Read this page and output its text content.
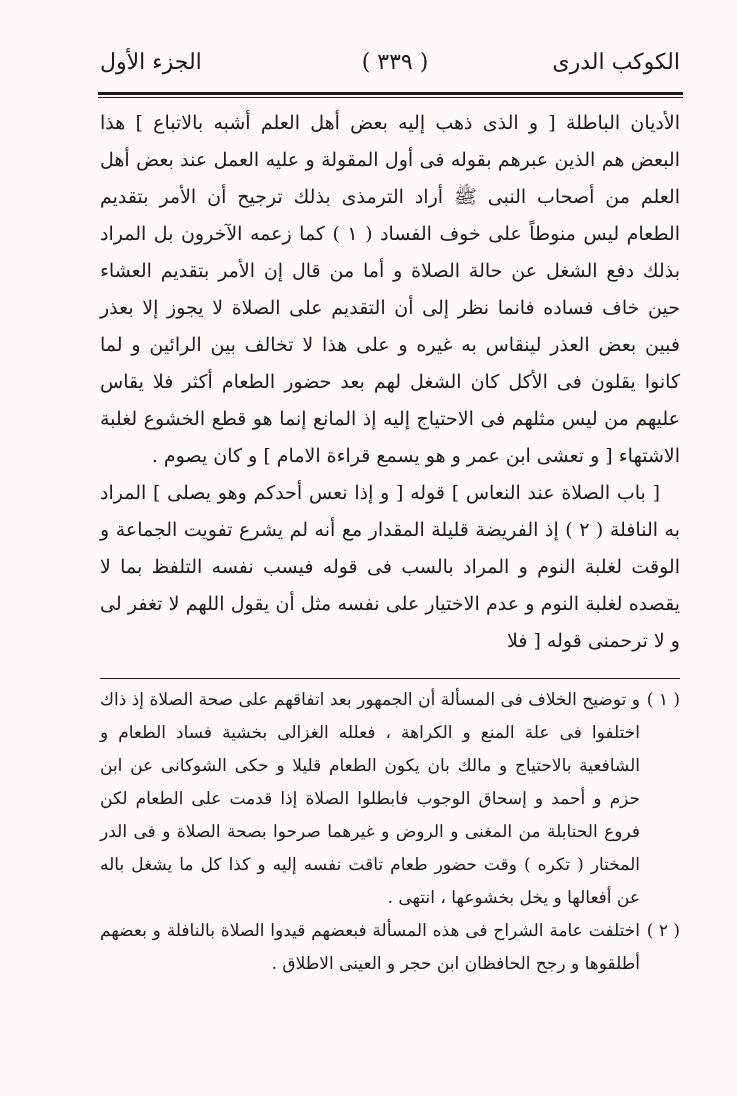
الكوكب الدرى ‍
( ٣٣٩ )
الجزء الأول

الأديان الباطلة [ و الذى ذهب إليه بعض أهل العلم أشبه بالاتباع ] هذا البعض هم الذين عبرهم بقوله فى أول المقولة و عليه العمل عند بعض أهل العلم من أصحاب النبى ﷺ أراد الترمذى بذلك ترجيح أن الأمر بتقديم الطعام ليس منوطاً على خوف الفساد ( ١ ) كما زعمه الآخرون بل المراد بذلك دفع الشغل عن حالة الصلاة و أما من قال إن الأمر بتقديم العشاء حين خاف فساده فانما نظر إلى أن التقديم على الصلاة لا يجوز إلا بعذر فبين بعض العذر لينقاس به غيره و على هذا لا تخالف بين الرائين و لما كانوا يقلون فى الأكل كان الشغل لهم بعد حضور الطعام أكثر فلا يقاس عليهم من ليس مثلهم فى الاحتياج إليه إذ المانع إنما هو قطع الخشوع لغلبة الاشتهاء [ و تعشى ابن عمر و هو يسمع قراءة الامام ] و كان يصوم .

[ باب الصلاة عند النعاس ] قوله [ و إذا نعس أحدكم وهو يصلى ] المراد به النافلة ( ٢ ) إذ الفريضة قليلة المقدار مع أنه لم يشرع تفويت الجماعة و الوقت لغلبة النوم و المراد بالسب فى قوله فيسب نفسه التلفظ بما لا يقصده لغلبة النوم و عدم الاختيار على نفسه مثل أن يقول اللهم لا تغفر لى و لا ترحمنى قوله [ فلا

( ١ )
و توضيح الخلاف فى المسألة أن الجمهور بعد اتفاقهم على صحة الصلاة إذ ذاك اختلفوا فى علة المنع و الكراهة ، فعلله الغزالى بخشية فساد الطعام و الشافعية بالاحتياج و مالك بان يكون الطعام قليلا و حكى الشوكانى عن ابن حزم و أحمد و إسحاق الوجوب فابطلوا الصلاة إذا قدمت على الطعام لكن فروع الحنابلة من المغنى و الروض و غيرهما صرحوا بصحة الصلاة و فى الدر المختار ( تكره ) وقت حضور طعام تاقت نفسه إليه و كذا كل ما يشغل باله عن أفعالها و يخل بخشوعها ، انتهى .
( ٢ )
اختلفت عامة الشراح فى هذه المسألة فبعضهم قيدوا الصلاة بالنافلة و بعضهم أطلقوها و رجح الحافظان ابن حجر و العينى الاطلاق .
